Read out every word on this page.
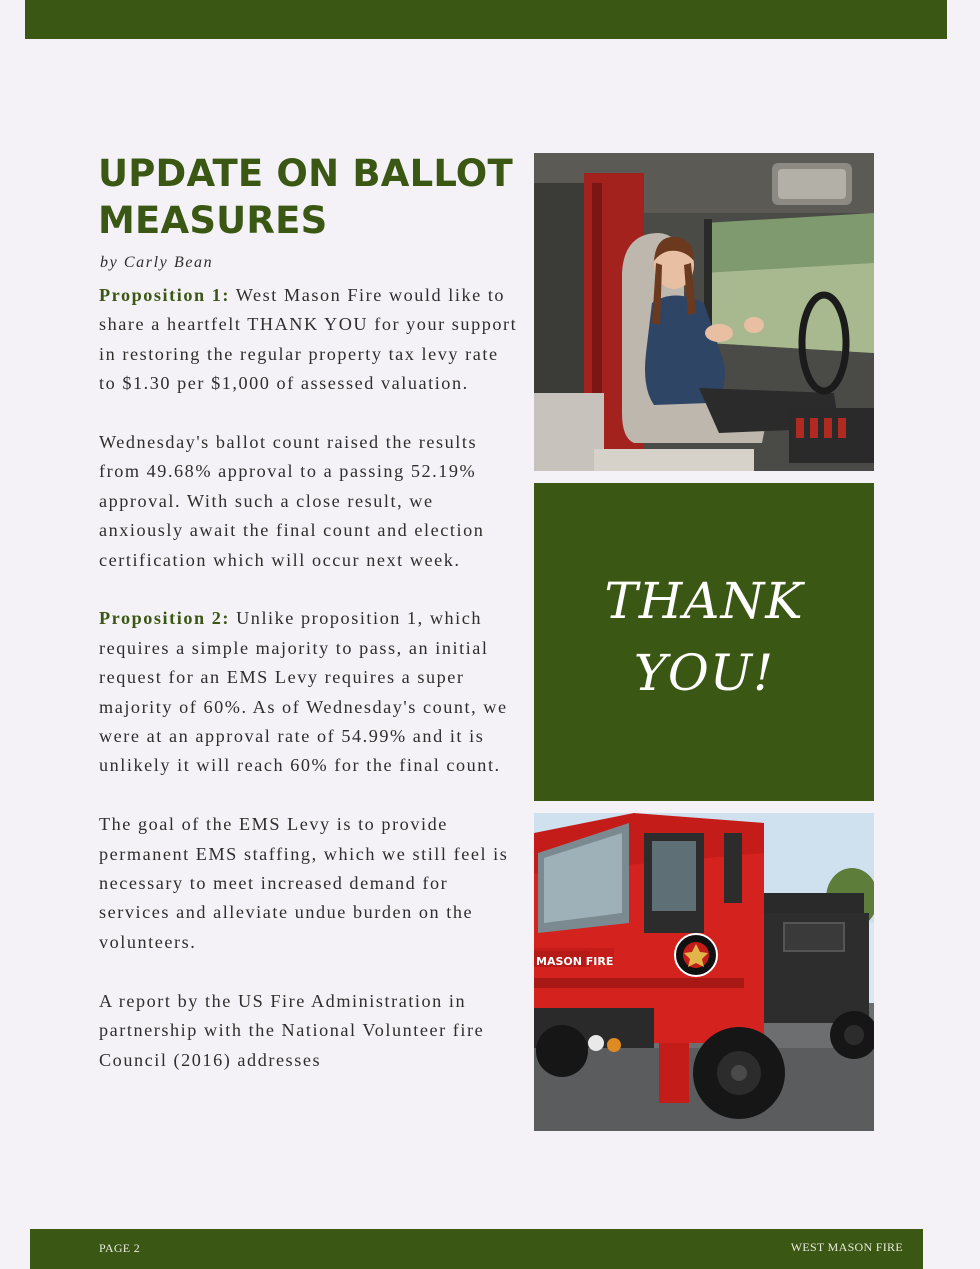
UPDATE ON BALLOT MEASURES
by Carly Bean

Proposition 1: West Mason Fire would like to share a heartfelt THANK YOU for your support in restoring the regular property tax levy rate to $1.30 per $1,000 of assessed valuation.

Wednesday's ballot count raised the results from 49.68% approval to a passing 52.19% approval. With such a close result, we anxiously await the final count and election certification which will occur next week.

Proposition 2: Unlike proposition 1, which requires a simple majority to pass, an initial request for an EMS Levy requires a super majority of 60%. As of Wednesday's count, we were at an approval rate of 54.99% and it is unlikely it will reach 60% for the final count.

The goal of the EMS Levy is to provide permanent EMS staffing, which we still feel is necessary to meet increased demand for services and alleviate undue burden on the volunteers.

A report by the US Fire Administration in partnership with the National Volunteer fire Council (2016) addresses

THANK
YOU!
MASON FIRE
PAGE 2	WEST MASON FIRE
